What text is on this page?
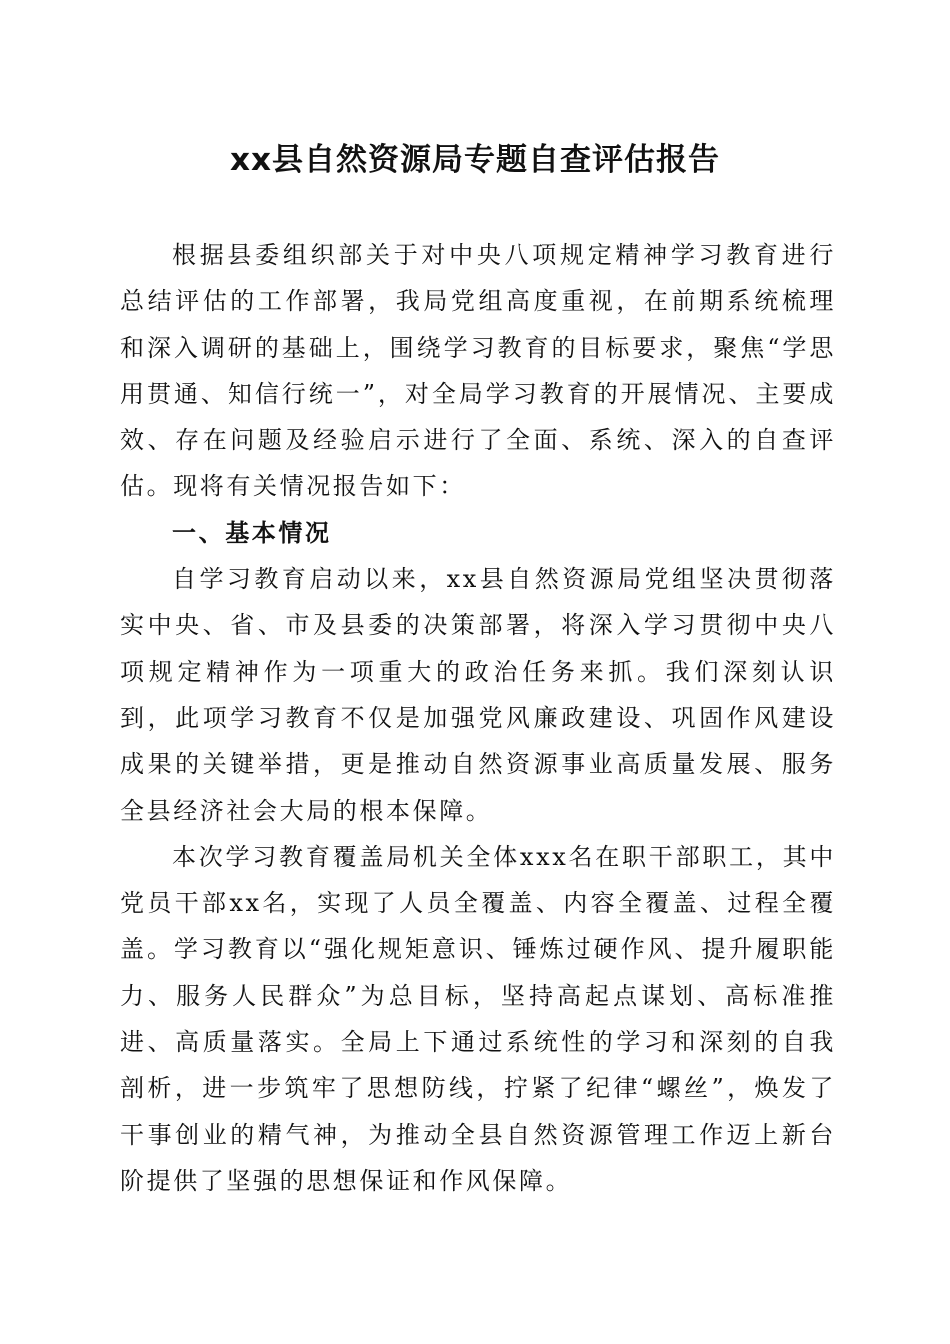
xx县自然资源局专题自查评估报告

根据县委组织部关于对中央八项规定精神学习教育进行总结评估的工作部署，我局党组高度重视，在前期系统梳理和深入调研的基础上，围绕学习教育的目标要求，聚焦“学思用贯通、知信行统一”，对全局学习教育的开展情况、主要成效、存在问题及经验启示进行了全面、系统、深入的自查评估。现将有关情况报告如下：

一、基本情况

自学习教育启动以来，xx县自然资源局党组坚决贯彻落实中央、省、市及县委的决策部署，将深入学习贯彻中央八项规定精神作为一项重大的政治任务来抓。我们深刻认识到，此项学习教育不仅是加强党风廉政建设、巩固作风建设成果的关键举措，更是推动自然资源事业高质量发展、服务全县经济社会大局的根本保障。

本次学习教育覆盖局机关全体xxx名在职干部职工，其中党员干部xx名，实现了人员全覆盖、内容全覆盖、过程全覆盖。学习教育以“强化规矩意识、锤炼过硬作风、提升履职能力、服务人民群众”为总目标，坚持高起点谋划、高标准推进、高质量落实。全局上下通过系统性的学习和深刻的自我剖析，进一步筑牢了思想防线，拧紧了纪律“螺丝”，焕发了干事创业的精气神，为推动全县自然资源管理工作迈上新台阶提供了坚强的思想保证和作风保障。
